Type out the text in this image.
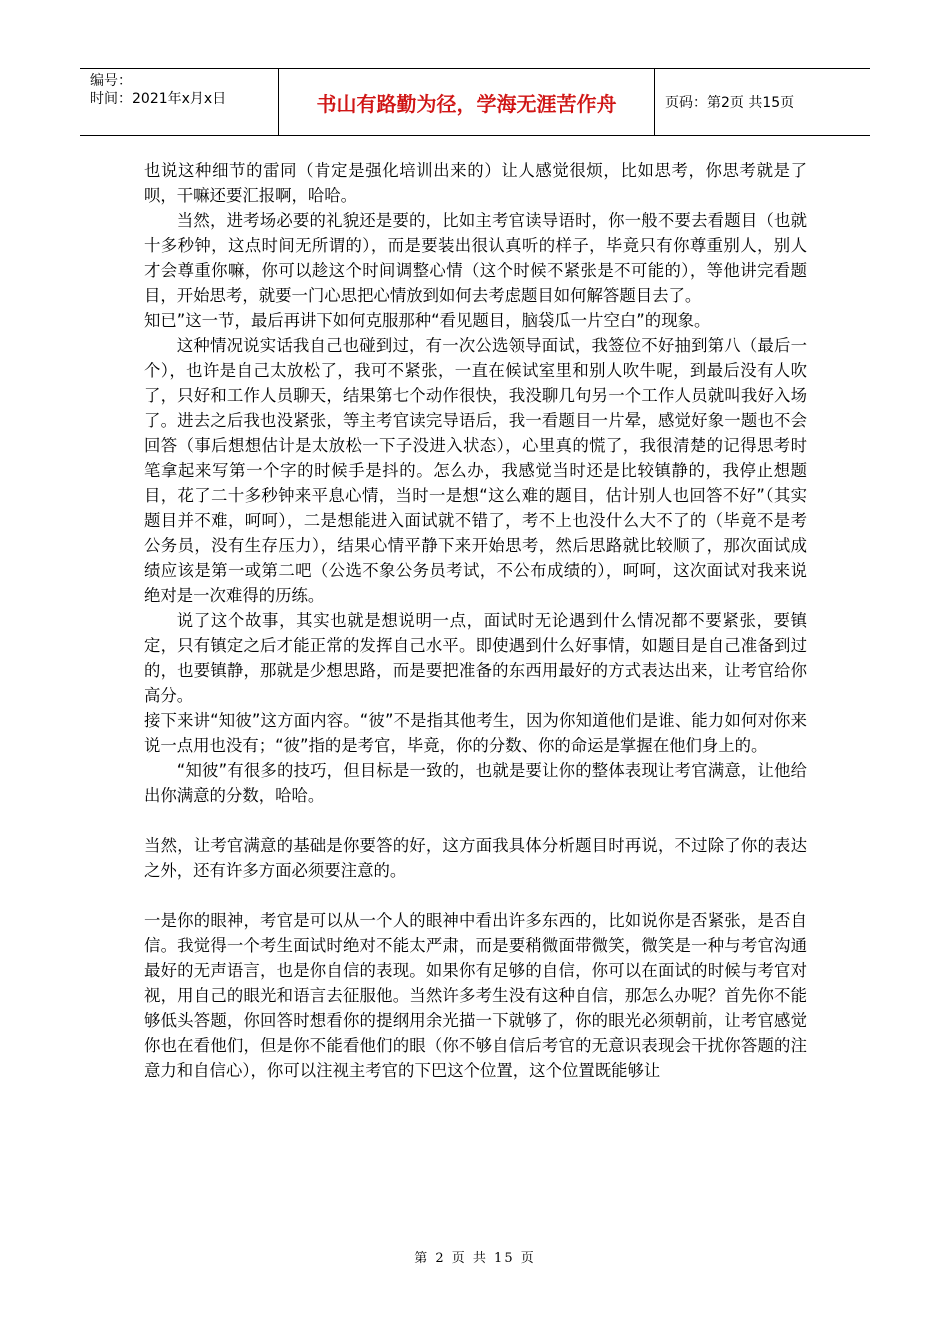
编号：
时间：2021年x月x日	书山有路勤为径，学海无涯苦作舟	页码：第2页 共15页

也说这种细节的雷同（肯定是强化培训出来的）让人感觉很烦，比如思考，你思考就是了呗，干嘛还要汇报啊，哈哈。

当然，进考场必要的礼貌还是要的，比如主考官读导语时，你一般不要去看题目（也就十多秒钟，这点时间无所谓的），而是要装出很认真听的样子，毕竟只有你尊重别人，别人才会尊重你嘛，你可以趁这个时间调整心情（这个时候不紧张是不可能的），等他讲完看题目，开始思考，就要一门心思把心情放到如何去考虑题目如何解答题目去了。

知已”这一节，最后再讲下如何克服那种“看见题目，脑袋瓜一片空白”的现象。

这种情况说实话我自己也碰到过，有一次公选领导面试，我签位不好抽到第八（最后一个），也许是自己太放松了，我可不紧张，一直在候试室里和别人吹牛呢，到最后没有人吹了，只好和工作人员聊天，结果第七个动作很快，我没聊几句另一个工作人员就叫我好入场了。进去之后我也没紧张，等主考官读完导语后，我一看题目一片晕，感觉好象一题也不会回答（事后想想估计是太放松一下子没进入状态），心里真的慌了，我很清楚的记得思考时笔拿起来写第一个字的时候手是抖的。怎么办，我感觉当时还是比较镇静的，我停止想题目，花了二十多秒钟来平息心情，当时一是想“这么难的题目，估计别人也回答不好”（其实题目并不难，呵呵），二是想能进入面试就不错了，考不上也没什么大不了的（毕竟不是考公务员，没有生存压力），结果心情平静下来开始思考，然后思路就比较顺了，那次面试成绩应该是第一或第二吧（公选不象公务员考试，不公布成绩的），呵呵，这次面试对我来说绝对是一次难得的历练。

说了这个故事，其实也就是想说明一点，面试时无论遇到什么情况都不要紧张，要镇定，只有镇定之后才能正常的发挥自己水平。即使遇到什么好事情，如题目是自己准备到过的，也要镇静，那就是少想思路，而是要把准备的东西用最好的方式表达出来，让考官给你高分。

接下来讲“知彼”这方面内容。“彼”不是指其他考生，因为你知道他们是谁、能力如何对你来说一点用也没有；“彼”指的是考官，毕竟，你的分数、你的命运是掌握在他们身上的。

“知彼”有很多的技巧，但目标是一致的，也就是要让你的整体表现让考官满意，让他给出你满意的分数，哈哈。

当然，让考官满意的基础是你要答的好，这方面我具体分析题目时再说，不过除了你的表达之外，还有许多方面必须要注意的。

一是你的眼神，考官是可以从一个人的眼神中看出许多东西的，比如说你是否紧张，是否自信。我觉得一个考生面试时绝对不能太严肃，而是要稍微面带微笑，微笑是一种与考官沟通最好的无声语言，也是你自信的表现。如果你有足够的自信，你可以在面试的时候与考官对视，用自己的眼光和语言去征服他。当然许多考生没有这种自信，那怎么办呢？首先你不能够低头答题，你回答时想看你的提纲用余光描一下就够了，你的眼光必须朝前，让考官感觉你也在看他们，但是你不能看他们的眼（你不够自信后考官的无意识表现会干扰你答题的注意力和自信心），你可以注视主考官的下巴这个位置，这个位置既能够让

第 2 页 共 15 页
